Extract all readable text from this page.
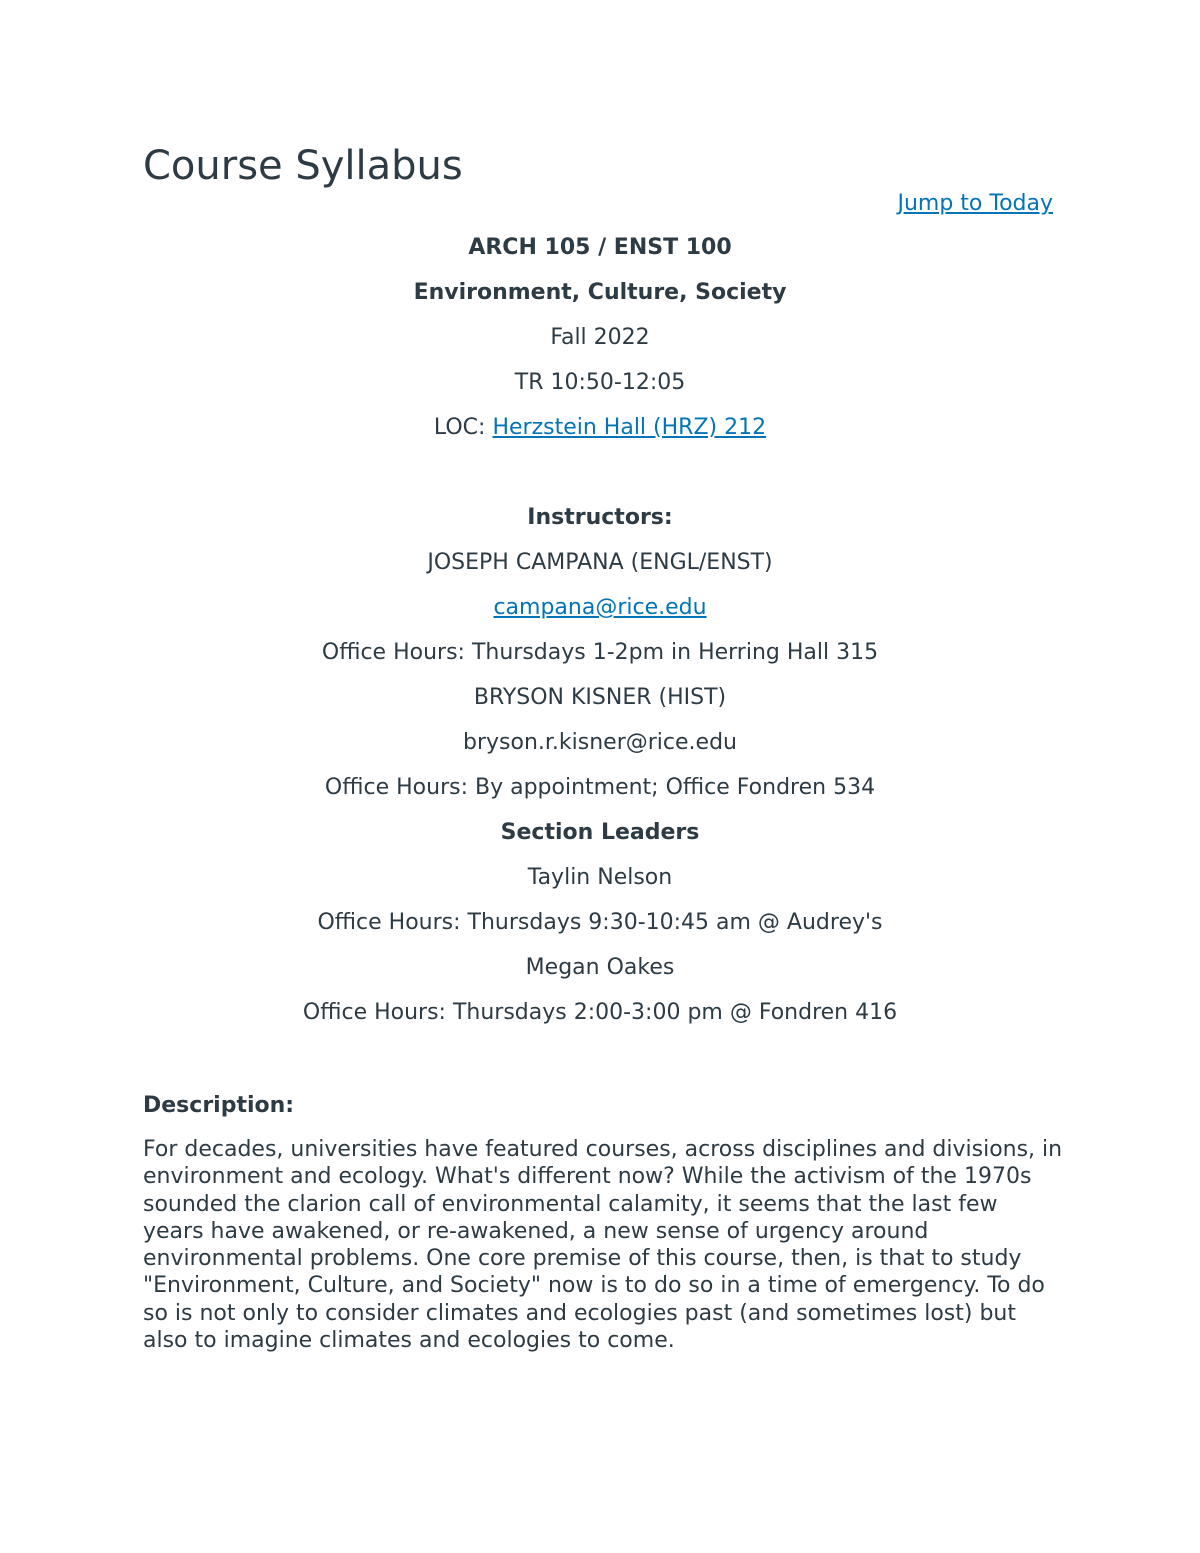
Course Syllabus
Jump to Today

ARCH 105 / ENST 100

Environment, Culture, Society

Fall 2022

TR 10:50-12:05

LOC: Herzstein Hall (HRZ) 212

Instructors:

JOSEPH CAMPANA (ENGL/ENST)

campana@rice.edu

Office Hours: Thursdays 1-2pm in Herring Hall 315

BRYSON KISNER (HIST)

bryson.r.kisner@rice.edu

Office Hours: By appointment; Office Fondren 534

Section Leaders

Taylin Nelson

Office Hours: Thursdays 9:30-10:45 am @ Audrey's

Megan Oakes

Office Hours: Thursdays 2:00-3:00 pm @ Fondren 416

Description:

For decades, universities have featured courses, across disciplines and divisions, in environment and ecology. What's different now? While the activism of the 1970s sounded the clarion call of environmental calamity, it seems that the last few years have awakened, or re-awakened, a new sense of urgency around environmental problems. One core premise of this course, then, is that to study "Environment, Culture, and Society" now is to do so in a time of emergency. To do so is not only to consider climates and ecologies past (and sometimes lost) but also to imagine climates and ecologies to come.
